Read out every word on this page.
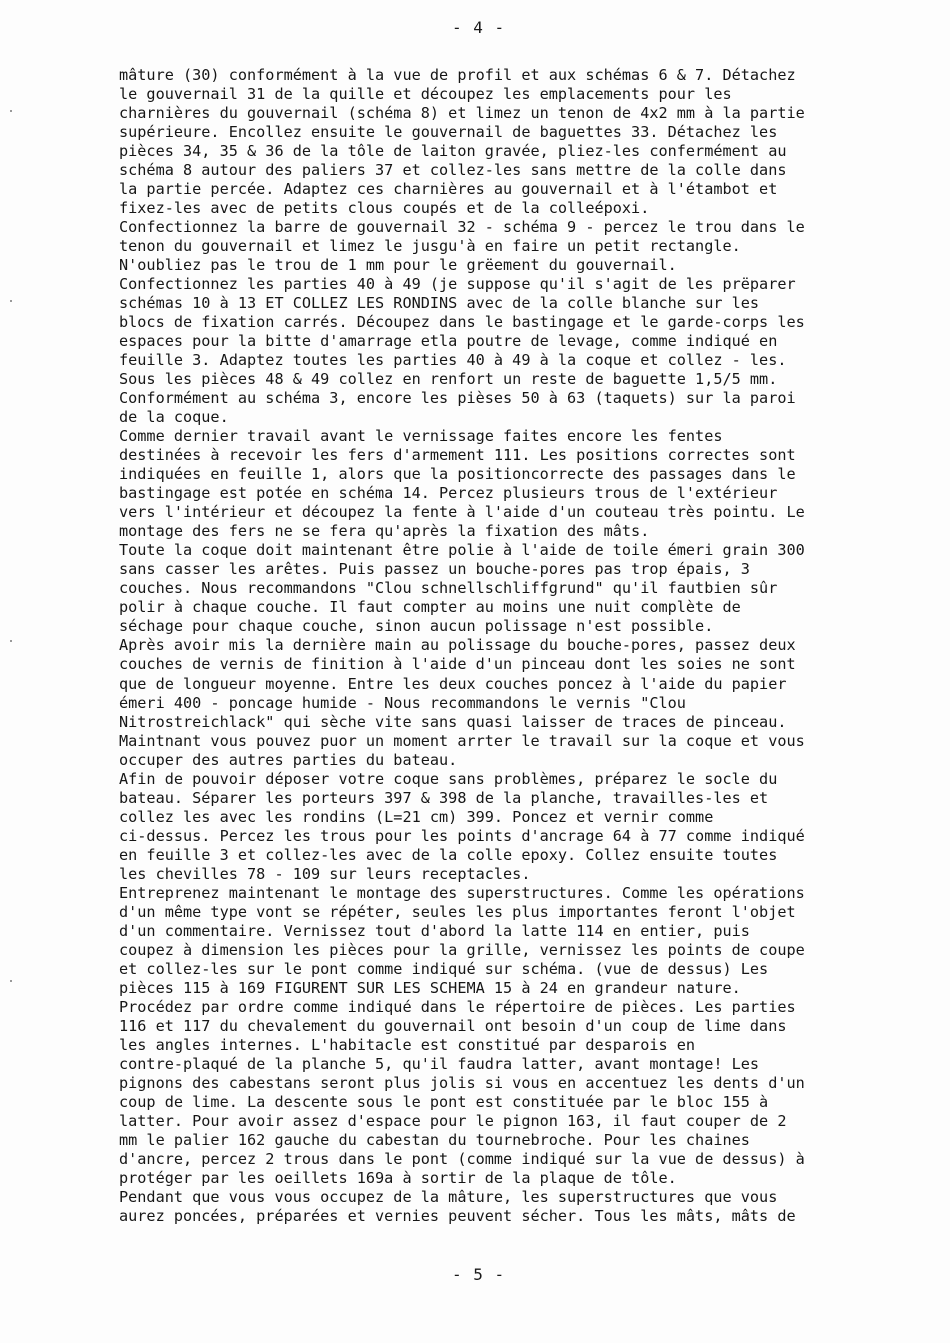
- 4 -
mâture (30) conformément à la vue de profil et aux schémas 6 & 7. Détachez
le gouvernail 31 de la quille et découpez les emplacements pour les
charnières du gouvernail (schéma 8) et limez un tenon de 4x2 mm à la partie
supérieure. Encollez ensuite le gouvernail de baguettes 33. Détachez les
pièces 34, 35 & 36 de la tôle de laiton gravée, pliez-les confermément au
schéma 8 autour des paliers 37 et collez-les sans mettre de la colle dans
la partie percée. Adaptez ces charnières au gouvernail et à l'étambot et
fixez-les avec de petits clous coupés et de la colleépoxi.
Confectionnez la barre de gouvernail 32 - schéma 9 - percez le trou dans le
tenon du gouvernail et limez le jusgu'à en faire un petit rectangle.
N'oubliez pas le trou de 1 mm pour le grëement du gouvernail.
Confectionnez les parties 40 à 49 (je suppose qu'il s'agit de les prëparer
schémas 10 à 13 ET COLLEZ LES RONDINS avec de la colle blanche sur les
blocs de fixation carrés. Découpez dans le bastingage et le garde-corps les
espaces pour la bitte d'amarrage etla poutre de levage, comme indiqué en
feuille 3. Adaptez toutes les parties 40 à 49 à la coque et collez - les.
Sous les pièces 48 & 49 collez en renfort un reste de baguette 1,5/5 mm.
Conformément au schéma 3, encore les pièses 50 à 63 (taquets) sur la paroi
de la coque.
Comme dernier travail avant le vernissage faites encore les fentes
destinées à recevoir les fers d'armement 111. Les positions correctes sont
indiquées en feuille 1, alors que la positioncorrecte des passages dans le
bastingage est potée en schéma 14. Percez plusieurs trous de l'extérieur
vers l'intérieur et découpez la fente à l'aide d'un couteau très pointu. Le
montage des fers ne se fera qu'après la fixation des mâts.
Toute la coque doit maintenant être polie à l'aide de toile émeri grain 300
sans casser les arêtes. Puis passez un bouche-pores pas trop épais, 3
couches. Nous recommandons "Clou schnellschliffgrund" qu'il fautbien sûr
polir à chaque couche. Il faut compter au moins une nuit complète de
séchage pour chaque couche, sinon aucun polissage n'est possible.
Après avoir mis la dernière main au polissage du bouche-pores, passez deux
couches de vernis de finition à l'aide d'un pinceau dont les soies ne sont
que de longueur moyenne. Entre les deux couches poncez à l'aide du papier
émeri 400 - poncage humide - Nous recommandons le vernis "Clou
Nitrostreichlack" qui sèche vite sans quasi laisser de traces de pinceau.
Maintnant vous pouvez puor un moment arrter le travail sur la coque et vous
occuper des autres parties du bateau.
Afin de pouvoir déposer votre coque sans problèmes, préparez le socle du
bateau. Séparer les porteurs 397 & 398 de la planche, travailles-les et
collez les avec les rondins (L=21 cm) 399. Poncez et vernir comme
ci-dessus. Percez les trous pour les points d'ancrage 64 à 77 comme indiqué
en feuille 3 et collez-les avec de la colle epoxy. Collez ensuite toutes
les chevilles 78 - 109 sur leurs receptacles.
Entreprenez maintenant le montage des superstructures. Comme les opérations
d'un même type vont se répéter, seules les plus importantes feront l'objet
d'un commentaire. Vernissez tout d'abord la latte 114 en entier, puis
coupez à dimension les pièces pour la grille, vernissez les points de coupe
et collez-les sur le pont comme indiqué sur schéma. (vue de dessus) Les
pièces 115 à 169 FIGURENT SUR LES SCHEMA 15 à 24 en grandeur nature.
Procédez par ordre comme indiqué dans le répertoire de pièces. Les parties
116 et 117 du chevalement du gouvernail ont besoin d'un coup de lime dans
les angles internes. L'habitacle est constitué par desparois en
contre-plaqué de la planche 5, qu'il faudra latter, avant montage! Les
pignons des cabestans seront plus jolis si vous en accentuez les dents d'un
coup de lime. La descente sous le pont est constituée par le bloc 155 à
latter. Pour avoir assez d'espace pour le pignon 163, il faut couper de 2
mm le palier 162 gauche du cabestan du tournebroche. Pour les chaines
d'ancre, percez 2 trous dans le pont (comme indiqué sur la vue de dessus) à
protéger par les oeillets 169a à sortir de la plaque de tôle.
Pendant que vous vous occupez de la mâture, les superstructures que vous
aurez poncées, préparées et vernies peuvent sécher. Tous les mâts, mâts de
- 5 -
